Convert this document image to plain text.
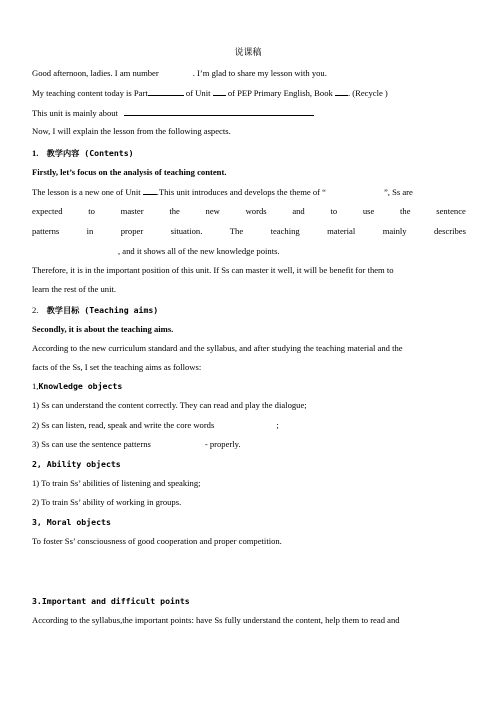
说课稿
Good afternoon, ladies. I am number	. I’m glad to share my lesson with you.
My teaching content today is Part	of Unit of PEP Primary English, Book . (Recycle )
This unit is mainly about
Now, I will explain the lesson from the following aspects.
1. 教学内容 (Contents)
Firstly, let’s focus on the analysis of teaching content.
The lesson is a new one of Unit .This unit introduces and develops the theme of “	”, Ss are
expected	to	master	the	new	words	and	to	use	the	sentence
patterns	in	proper	situation.	The	teaching	material	mainly	describes
, and it shows all of the new knowledge points.
Therefore, it is in the important position of this unit. If Ss can master it well, it will be benefit for them to
learn the rest of the unit.
2. 教学目标 (Teaching aims)
Secondly, it is about the teaching aims.
According to the new curriculum standard and the syllabus, and after studying the teaching material and the
facts of the Ss, I set the teaching aims as follows:
1,Knowledge objects
1) Ss can understand the content correctly. They can read and play the dialogue;
2) Ss can listen, read, speak and write the core words	;
3) Ss can use the sentence patterns	- properly.
2, Ability objects
1) To train Ss’ abilities of listening and speaking;
2) To train Ss’ ability of working in groups.
3, Moral objects
To foster Ss’ consciousness of good cooperation and proper competition.
3.Important and difficult points
According to the syllabus,the important points: have Ss fully understand the content, help them to read and
